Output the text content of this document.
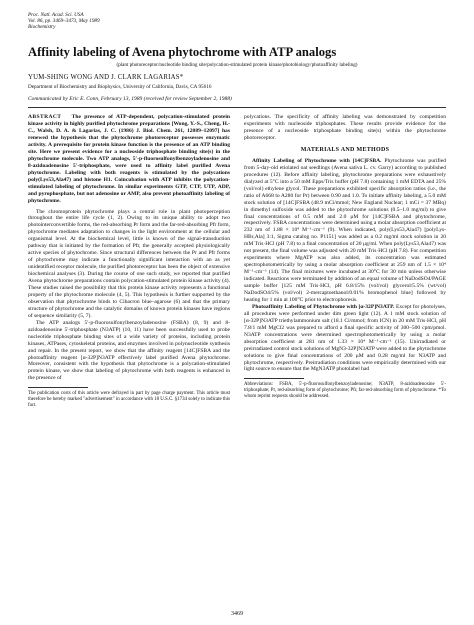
Proc. Natl. Acad. Sci. USA
Vol. 86, pp. 3469–3473, May 1989
Biochemistry
Affinity labeling of Avena phytochrome with ATP analogs
(plant photoreceptor/nucleotide binding site/polycation-stimulated protein kinase/photobiology/photoaffinity labeling)
YUM-SHING WONG AND J. CLARK LAGARIAS*
Department of Biochemistry and Biophysics, University of California, Davis, CA 95616
Communicated by Eric E. Conn, February 13, 1989 (received for review September 2, 1988)

ABSTRACT The presence of ATP-dependent, polycation-stimulated protein kinase activity in highly purified phytochrome preparations [Wong, Y.-S., Cheng, H.-C., Walsh, D. A. & Lagarias, J. C. (1986) J. Biol. Chem. 261, 12089–12097] has renewed the hypothesis that the phytochrome photoreceptor possesses enzymatic activity. A prerequisite for protein kinase function is the presence of an ATP binding site. Here we present evidence for a nucleoside triphosphate binding site(s) in the phytochrome molecule. Two ATP analogs, 5′-p-fluorosulfonylbenzoyladenosine and 8-azidoadenosine 5′-triphosphate, were used to affinity label purified Avena phytochrome. Labeling with both reagents is stimulated by the polycations poly(Lys53,Ala47) and histone H1. Coincubation with ATP inhibits the polycation-stimulated labeling of phytochrome. In similar experiments GTP, CTP, UTP, ADP, and pyrophosphate, but not adenosine or AMP, also prevent photoaffinity labeling of phytochrome.

The chromoprotein phytochrome plays a central role in plant photoperception throughout the entire life cycle (1, 2). Owing to its unique ability to adopt two photointerconvertible forms, the red-absorbing Pr form and the far-red-absorbing Pfr form, phytochrome mediates adaptation to changes in the light environment at the cellular and organismal level. At the biochemical level, little is known of the signal-transduction pathway that is initiated by the formation of Pfr, the generally accepted physiologically active species of phytochrome. Since structural differences between the Pr and Pfr forms of phytochrome may indicate a functionally significant interaction with an as yet unidentified receptor molecule, the purified photoreceptor has been the object of extensive biochemical analyses (3). During the course of one such study, we reported that purified Avena phytochrome preparations contain polycation-stimulated protein kinase activity (4). These studies raised the possibility that this protein kinase activity represents a functional property of the phytochrome molecule (4, 5). This hypothesis is further supported by the observation that phytochrome binds to Cibacron blue–agarose (6) and that the primary structure of phytochrome and the catalytic domains of known protein kinases have regions of sequence similarity (5, 7).

The ATP analogs 5′-p-fluorosulfonylbenzoyladenosine (FSBA) (8, 9) and 8-azidoadenosine 5′-triphosphate (N3ATP) (10, 11) have been successfully used to probe nucleotide triphosphate binding sites of a wide variety of proteins, including protein kinases, ATPases, cytoskeletal proteins, and enzymes involved in polynucleotide synthesis and repair. In the present report, we show that the affinity reagent [14C]FSBA and the photoaffinity reagent [α-32P]N3ATP effectively label purified Avena phytochrome. Moreover, consistent with the hypothesis that phytochrome is a polycation-stimulated protein kinase, we show that labeling of phytochrome with both reagents is enhanced in the presence of

The publication costs of this article were defrayed in part by page charge payment. This article must therefore be hereby marked "advertisement" in accordance with 18 U.S.C. §1734 solely to indicate this fact.

polycations. The specificity of affinity labeling was demonstrated by competition experiments with nucleoside triphosphates. These results provide evidence for the presence of a nucleoside triphosphate binding site(s) within the phytochrome photoreceptor.

MATERIALS AND METHODS

Affinity Labeling of Phytochrome with [14C]FSBA. Phytochrome was purified from 5-day-old etiolated oat seedlings (Avena sativa L. cv. Garry) according to published procedures (12). Before affinity labeling, phytochrome preparations were exhaustively dialyzed at 5°C into a 50 mM Epps/Tris buffer (pH 7.8) containing 1 mM EDTA and 25% (vol/vol) ethylene glycol. These preparations exhibited specific absorption ratios (i.e., the ratio of A668 to A280 for Pr) between 0.90 and 1.0. To initiate affinity labeling, a 5.0 mM stock solution of [14C]FSBA (48.9 mCi/mmol; New England Nuclear; 1 mCi = 37 MBq) in dimethyl sulfoxide was added to the phytochrome solutions (0.5–1.0 mg/ml) to give final concentrations of 0.5 mM and 2.0 μM for [14C]FSBA and phytochrome, respectively. FSBA concentrations were determined using a molar absorption coefficient at 232 nm of 1.88 × 10⁴ M⁻¹·cm⁻¹ (9). When indicated, poly(Lys53,Ala47) [polyLys-HBr,Ala] 3:1, Sigma catalog no. P1151] was added as a 0.2 mg/ml stock solution in 20 mM Tris·HCl (pH 7.8) to a final concentration of 20 μg/ml. When poly(Lys53,Ala47) was not present, the final volume was adjusted with 20 mM Tris·HCl (pH 7.8). For competition experiments where MgATP was also added, its concentration was estimated spectrophotometrically by using a molar absorption coefficient at 259 nm of 1.5 × 10⁴ M⁻¹·cm⁻¹ (14). The final mixtures were incubated at 30°C for 30 min unless otherwise indicated. Reactions were terminated by addition of an equal volume of NaDodSO4/PAGE sample buffer [125 mM Tris·HCl, pH 6.8/15% (vol/vol) glycerol/5.5% (wt/vol) NaDodSO4/5% (vol/vol) 2-mercaptoethanol/0.01% bromophenol blue] followed by heating for 1 min at 100°C prior to electrophoresis.

Photoaffinity Labeling of Phytochrome with [α-32P]N3ATP. Except for photolyses, all procedures were performed under dim green light (12). A 1 mM stock solution of [α-32P]N3ATP triethylammonium salt (18.1 Ci/mmol; from ICN) in 20 mM Tris·HCl, pH 7.8/1 mM MgCl2 was prepared to afford a final specific activity of 300–500 cpm/pmol. N3ATP concentrations were determined spectrophotometrically by using a molar absorption coefficient at 281 nm of 1.33 × 10⁴ M⁻¹·cm⁻¹ (15). Unirradiated or preirradiated control stock solutions of MgN3-32P]N3ATP were added to the phytochrome solutions to give final concentrations of 200 μM and 0.28 mg/ml for N3ATP and phytochrome, respectively. Preirradiation conditions were empirically determined with our light source to ensure that the MgN3ATP photolabel had

Abbreviations: FSBA, 5′-p-fluorosulfonylbenzoyladenosine; N3ATP, 8-azidoadenosine 5′-triphosphate; Pr, red-absorbing form of phytochrome; Pfr, far-red-absorbing form of phytochrome. *To whom reprint requests should be addressed.

3469
